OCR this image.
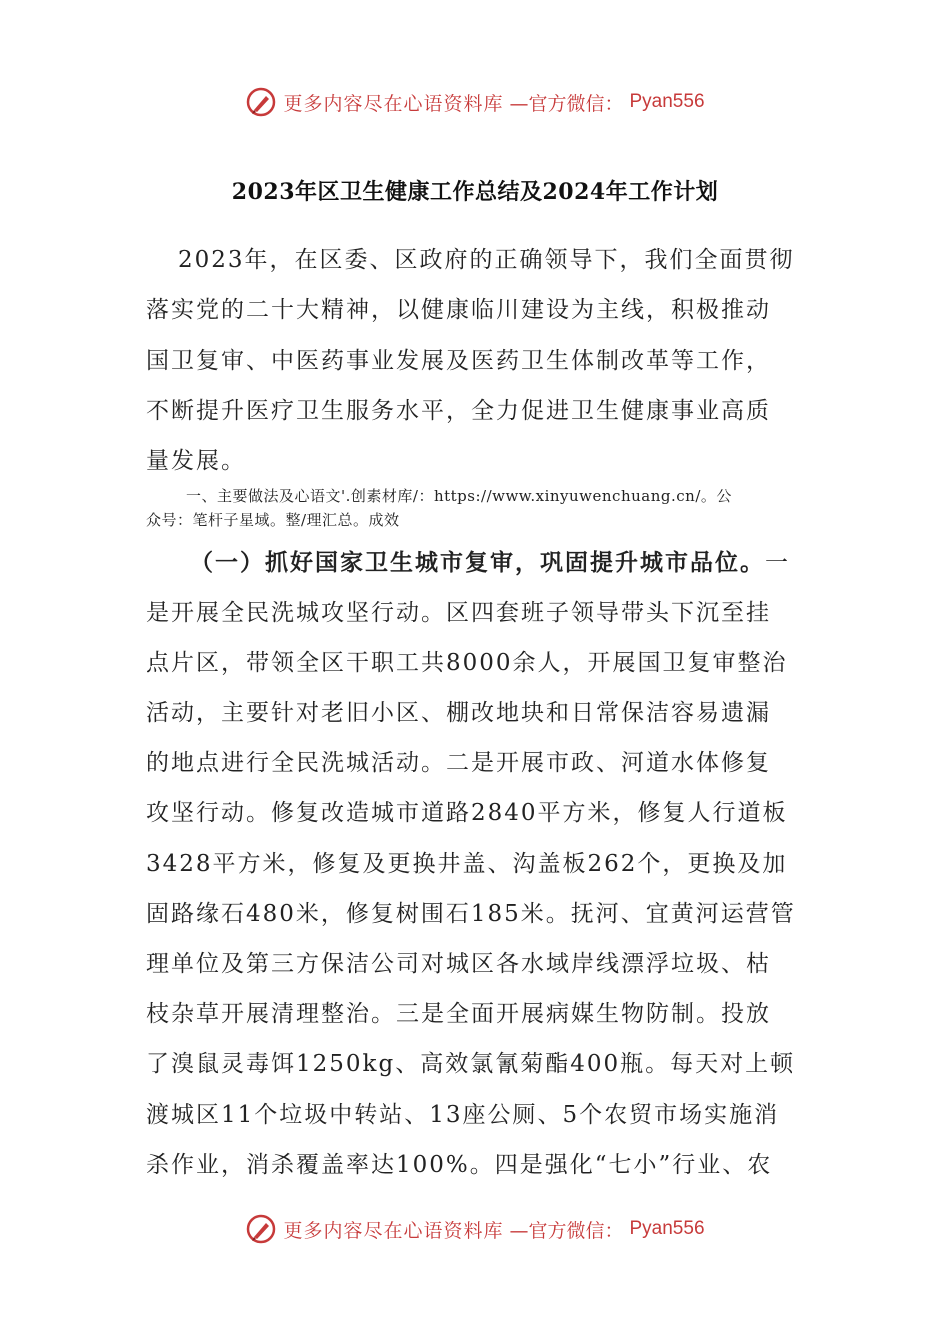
更多内容尽在心语资料库 —官方微信： Pyan556
2023年区卫生健康工作总结及2024年工作计划
2023年，在区委、区政府的正确领导下，我们全面贯彻
落实党的二十大精神，以健康临川建设为主线，积极推动
国卫复审、中医药事业发展及医药卫生体制改革等工作，
不断提升医疗卫生服务水平，全力促进卫生健康事业高质
量发展。
一、主要做法及心语文'.创素材库/：https://www.xinyuwenchuang.cn/。公
众号：笔杆子星域。整/理汇总。成效
（一）抓好国家卫生城市复审，巩固提升城市品位。一
是开展全民洗城攻坚行动。区四套班子领导带头下沉至挂
点片区，带领全区干职工共8000余人，开展国卫复审整治
活动，主要针对老旧小区、棚改地块和日常保洁容易遗漏
的地点进行全民洗城活动。二是开展市政、河道水体修复
攻坚行动。修复改造城市道路2840平方米，修复人行道板
3428平方米，修复及更换井盖、沟盖板262个，更换及加
固路缘石480米，修复树围石185米。抚河、宜黄河运营管
理单位及第三方保洁公司对城区各水域岸线漂浮垃圾、枯
枝杂草开展清理整治。三是全面开展病媒生物防制。投放
了溴鼠灵毒饵1250kg、高效氯氰菊酯400瓶。每天对上顿
渡城区11个垃圾中转站、13座公厕、5个农贸市场实施消
杀作业，消杀覆盖率达100%。四是强化“七小”行业、农
更多内容尽在心语资料库 —官方微信： Pyan556
